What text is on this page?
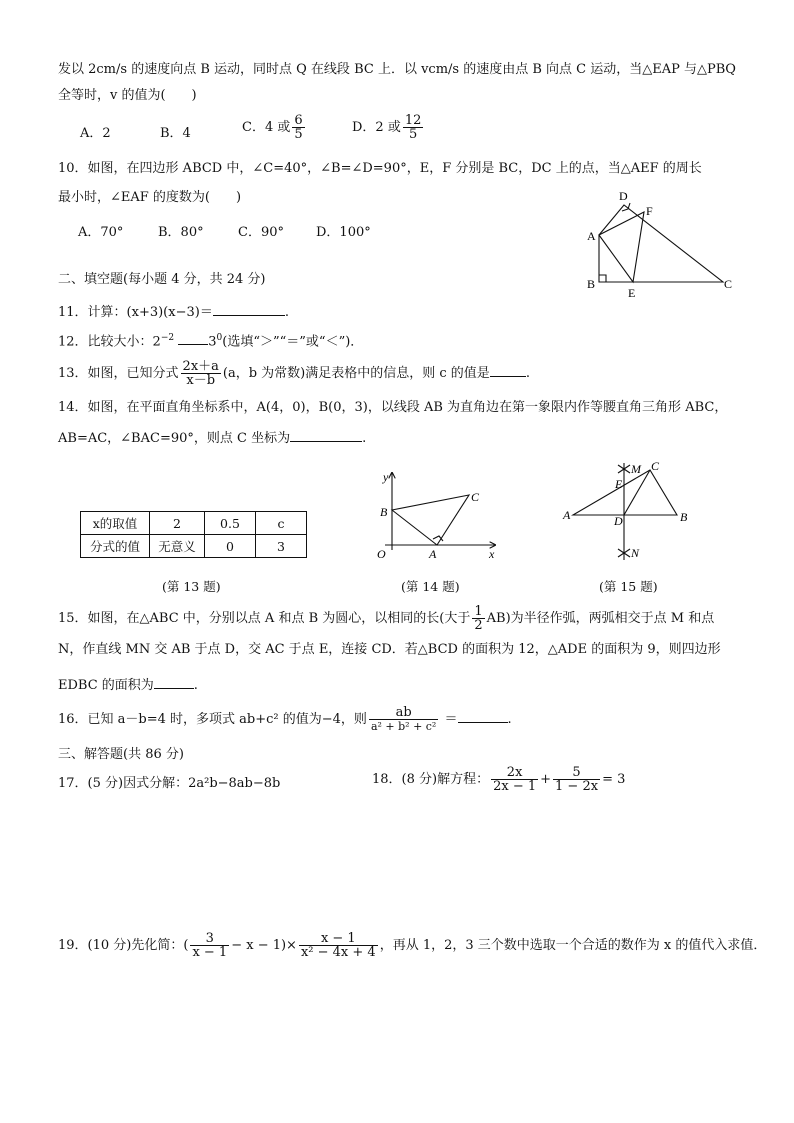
发以 2cm/s 的速度向点 B 运动，同时点 Q 在线段 BC 上．以 vcm/s 的速度由点 B 向点 C 运动，当△EAP 与△PBQ
全等时，v 的值为(　　)
A．2	B．4	C．4 或 $\frac{6}{5}$	D．2 或 $\frac{12}{5}$
10．如图，在四边形 ABCD 中，∠C=40°，∠B=∠D=90°，E，F 分别是 BC，DC 上的点，当△AEF 的周长
最小时，∠EAF 的度数为(　　)
A．70°	B．80°	C．90° D．100°	A
B	C
D
E
F
二、填空题(每小题 4 分，共 24 分)
11．计算：(x+3)(x−3)＝	.
12．比较大小：$2^{-2}$	$3^0$(选填“＞”“＝”或“＜”)．
13．如图，已知分式 $\frac{2x+a}{x-b} (a$，b 为常数)满足表格中的信息，则 c 的值是	.
14．如图，在平面直角坐标系中，A(4，0)，B(0，3)，以线段 AB 为直角边在第一象限内作等腰直角三角形 ABC，
AB=AC，∠BAC=90°，则点 C 坐标为	.
x的取值	2	0.5	c
分式的值	无意义	0	3
y
x
O	A
B
C
A	B
C
D
E
M
N
(第 13 题)	(第 14 题)	(第 15 题)
15．如图，在△ABC 中，分别以点 A 和点 B 为圆心，以相同的长(大于 $\frac{1}{2} AB$)为半径作弧，两弧相交于点 M 和点
N，作直线 MN 交 AB 于点 D，交 AC 于点 E，连接 CD．若△BCD 的面积为 12，△ADE 的面积为 9，则四边形
EDBC 的面积为	.
16．已知 a－b=4 时，多项式 ab+c² 的值为−4，则 $\frac{ab}{\text{a² + b² + c²}}$ ＝	.
三、解答题(共 86 分)
17．(5 分)因式分解：2a²b−8ab−8b	18．(8 分)解方程： $\frac{2x}{2x - 1} + \frac{5}{1 - 2x} = 3$
19．(10 分)先化简：( $\frac{3}{x - 1} - x - 1)\times \frac{x - 1}{\text{x² − 4x + 4}}$ ，再从 1，2，3 三个数中选取一个合适的数作为 x 的值代入求值．
